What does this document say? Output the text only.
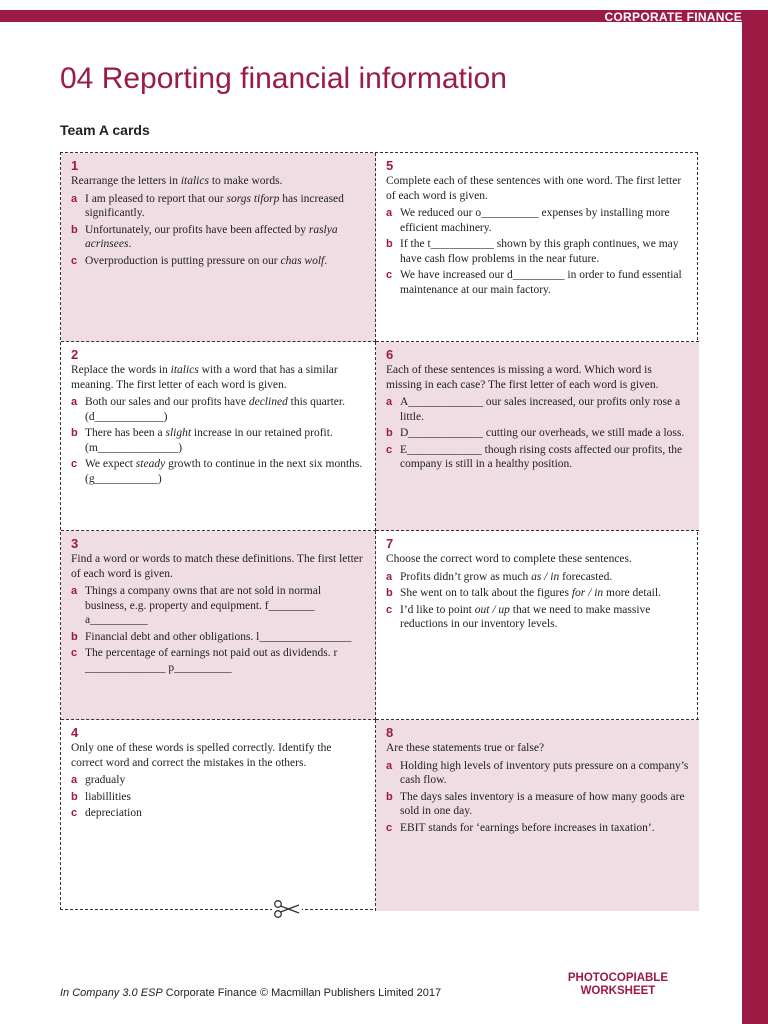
CORPORATE FINANCE
04 Reporting financial information
Team A cards
1

Rearrange the letters in italics to make words.

a I am pleased to report that our sorgs tiforp has increased significantly.
b Unfortunately, our profits have been affected by raslya acrinsees.
c Overproduction is putting pressure on our chas wolf.
5

Complete each of these sentences with one word. The first letter of each word is given.

a We reduced our o__________ expenses by installing more efficient machinery.
b If the t___________ shown by this graph continues, we may have cash flow problems in the near future.
c We have increased our d_________ in order to fund essential maintenance at our main factory.
2

Replace the words in italics with a word that has a similar meaning. The first letter of each word is given.

a Both our sales and our profits have declined this quarter. (d____________)
b There has been a slight increase in our retained profit. (m______________)
c We expect steady growth to continue in the next six months. (g___________)
6

Each of these sentences is missing a word. Which word is missing in each case? The first letter of each word is given.

a A_____________ our sales increased, our profits only rose a little.
b D_____________ cutting our overheads, we still made a loss.
c E_____________ though rising costs affected our profits, the company is still in a healthy position.
3

Find a word or words to match these definitions. The first letter of each word is given.

a Things a company owns that are not sold in normal business, e.g. property and equipment. f________ a__________
b Financial debt and other obligations. l________________
c The percentage of earnings not paid out as dividends. r ______________ p__________
7

Choose the correct word to complete these sentences.

a Profits didn’t grow as much as / in forecasted.
b She went on to talk about the figures for / in more detail.
c I’d like to point out / up that we need to make massive reductions in our inventory levels.
4

Only one of these words is spelled correctly. Identify the correct word and correct the mistakes in the others.

a gradualy
b liabillities
c depreciation
8

Are these statements true or false?

a Holding high levels of inventory puts pressure on a company’s cash flow.
b The days sales inventory is a measure of how many goods are sold in one day.
c EBIT stands for ‘earnings before increases in taxation’.
In Company 3.0 ESP Corporate Finance © Macmillan Publishers Limited 2017
PHOTOCOPIABLE
WORKSHEET
